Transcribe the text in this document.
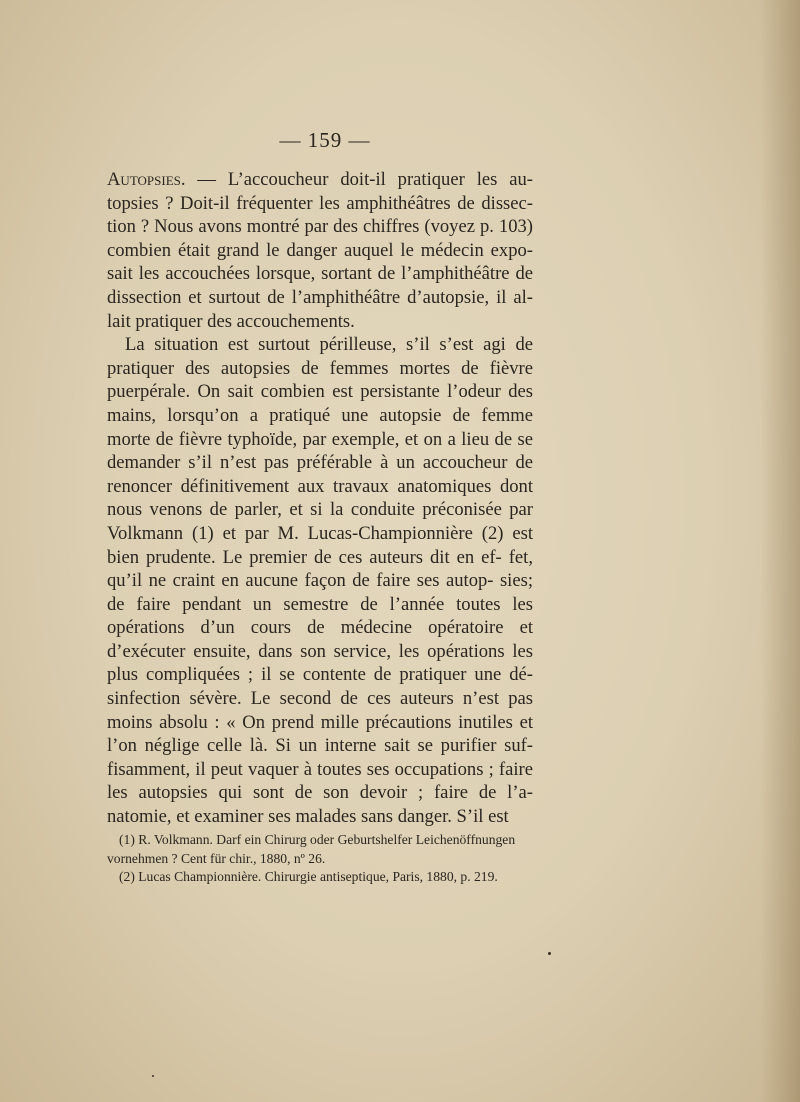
— 159 —

Autopsies. — L’accoucheur doit-il pratiquer les au- topsies ? Doit-il fréquenter les amphithéâtres de dissec- tion ? Nous avons montré par des chiffres (voyez p. 103) combien était grand le danger auquel le médecin expo- sait les accouchées lorsque, sortant de l’amphithéâtre de dissection et surtout de l’amphithéâtre d’autopsie, il al- lait pratiquer des accouchements.

La situation est surtout périlleuse, s’il s’est agi de pratiquer des autopsies de femmes mortes de fièvre puerpérale. On sait combien est persistante l’odeur des mains, lorsqu’on a pratiqué une autopsie de femme morte de fièvre typhoïde, par exemple, et on a lieu de se demander s’il n’est pas préférable à un accoucheur de renoncer définitivement aux travaux anatomiques dont nous venons de parler, et si la conduite préconisée par Volkmann (1) et par M. Lucas-Championnière (2) est bien prudente. Le premier de ces auteurs dit en ef- fet, qu’il ne craint en aucune façon de faire ses autop- sies; de faire pendant un semestre de l’année toutes les opérations d’un cours de médecine opératoire et d’exécuter ensuite, dans son service, les opérations les plus compliquées ; il se contente de pratiquer une dé- sinfection sévère. Le second de ces auteurs n’est pas moins absolu : « On prend mille précautions inutiles et l’on néglige celle là. Si un interne sait se purifier suf- fisamment, il peut vaquer à toutes ses occupations ; faire les autopsies qui sont de son devoir ; faire de l’a- natomie, et examiner ses malades sans danger. S’il est

(1) R. Volkmann. Darf ein Chirurg oder Geburtshelfer Leichenöffnungen vornehmen ? Cent für chir., 1880, nº 26.

(2) Lucas Championnière. Chirurgie antiseptique, Paris, 1880, p. 219.
